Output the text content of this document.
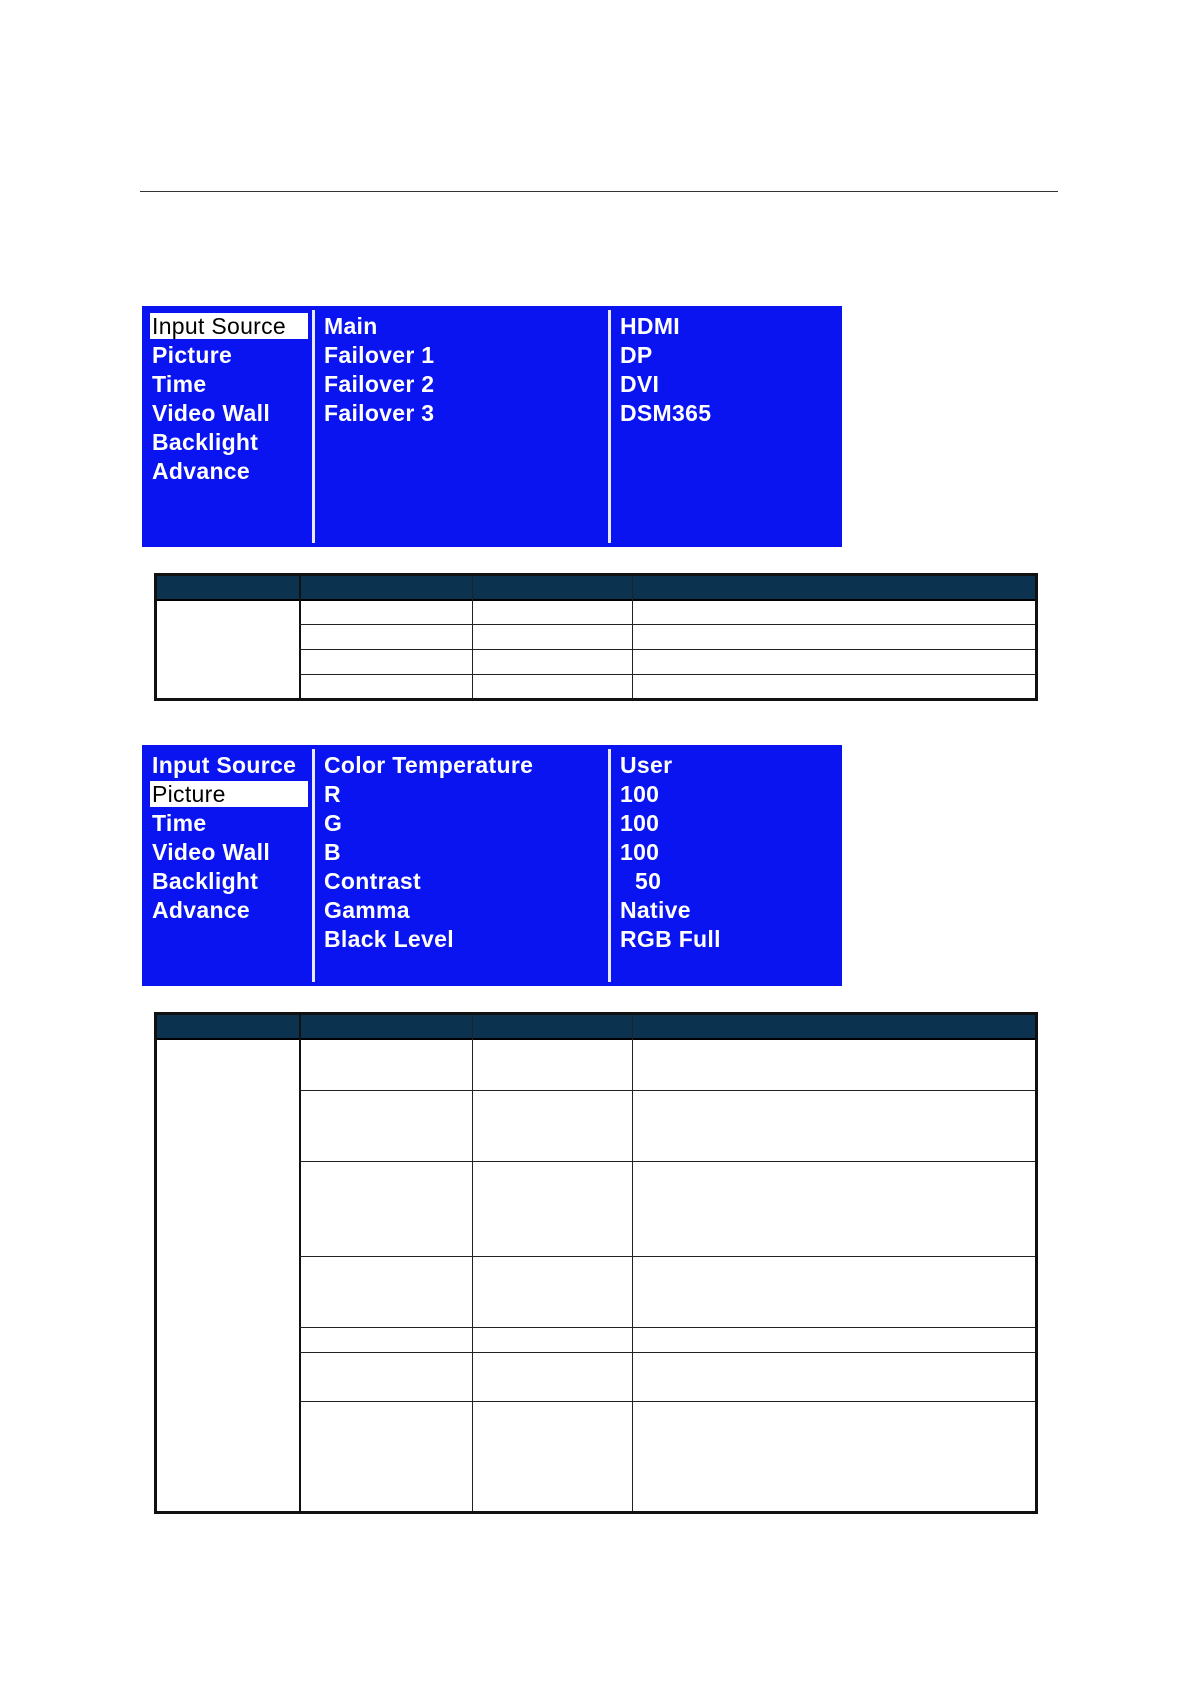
Input Source
Picture
Time
Video Wall
Backlight
Advance
Main
Failover 1
Failover 2
Failover 3
HDMI
DP
DVI
DSM365
Input Source
Picture
Time
Video Wall
Backlight
Advance
Color Temperature
R
G
B
Contrast
Gamma
Black Level
User
100
100
100
50
Native
RGB Full
